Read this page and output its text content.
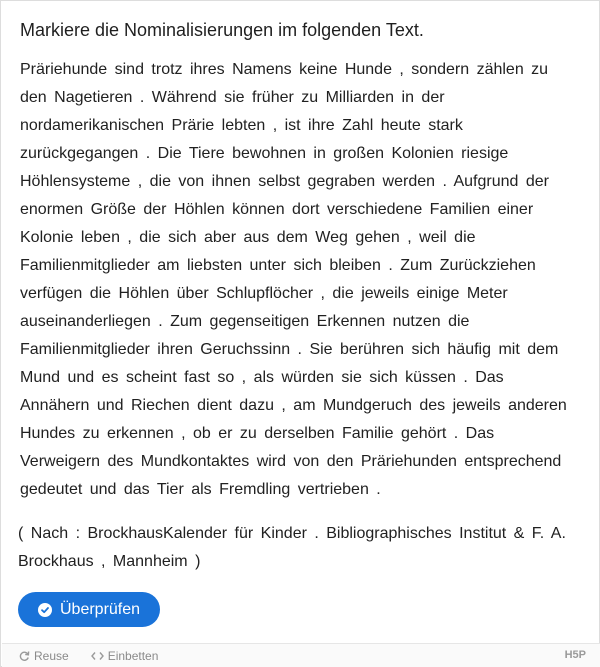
Markiere die Nominalisierungen im folgenden Text.
Präriehunde sind trotz ihres Namens keine Hunde , sondern zählen zu
den Nagetieren . Während sie früher zu Milliarden in der
nordamerikanischen Prärie lebten , ist ihre Zahl heute stark
zurückgegangen . Die Tiere bewohnen in großen Kolonien riesige
Höhlensysteme , die von ihnen selbst gegraben werden . Aufgrund der
enormen Größe der Höhlen können dort verschiedene Familien einer
Kolonie leben , die sich aber aus dem Weg gehen , weil die
Familienmitglieder am liebsten unter sich bleiben . Zum Zurückziehen
verfügen die Höhlen über Schlupflöcher , die jeweils einige Meter
auseinanderliegen . Zum gegenseitigen Erkennen nutzen die
Familienmitglieder ihren Geruchssinn . Sie berühren sich häufig mit dem
Mund und es scheint fast so , als würden sie sich küssen . Das
Annähern und Riechen dient dazu , am Mundgeruch des jeweils anderen
Hundes zu erkennen , ob er zu derselben Familie gehört . Das
Verweigern des Mundkontaktes wird von den Präriehunden entsprechend
gedeutet und das Tier als Fremdling vertrieben .
( Nach : BrockhausKalender für Kinder . Bibliographisches Institut & F. A.
Brockhaus , Mannheim )
Überprüfen
Reuse	Einbetten	H5P
